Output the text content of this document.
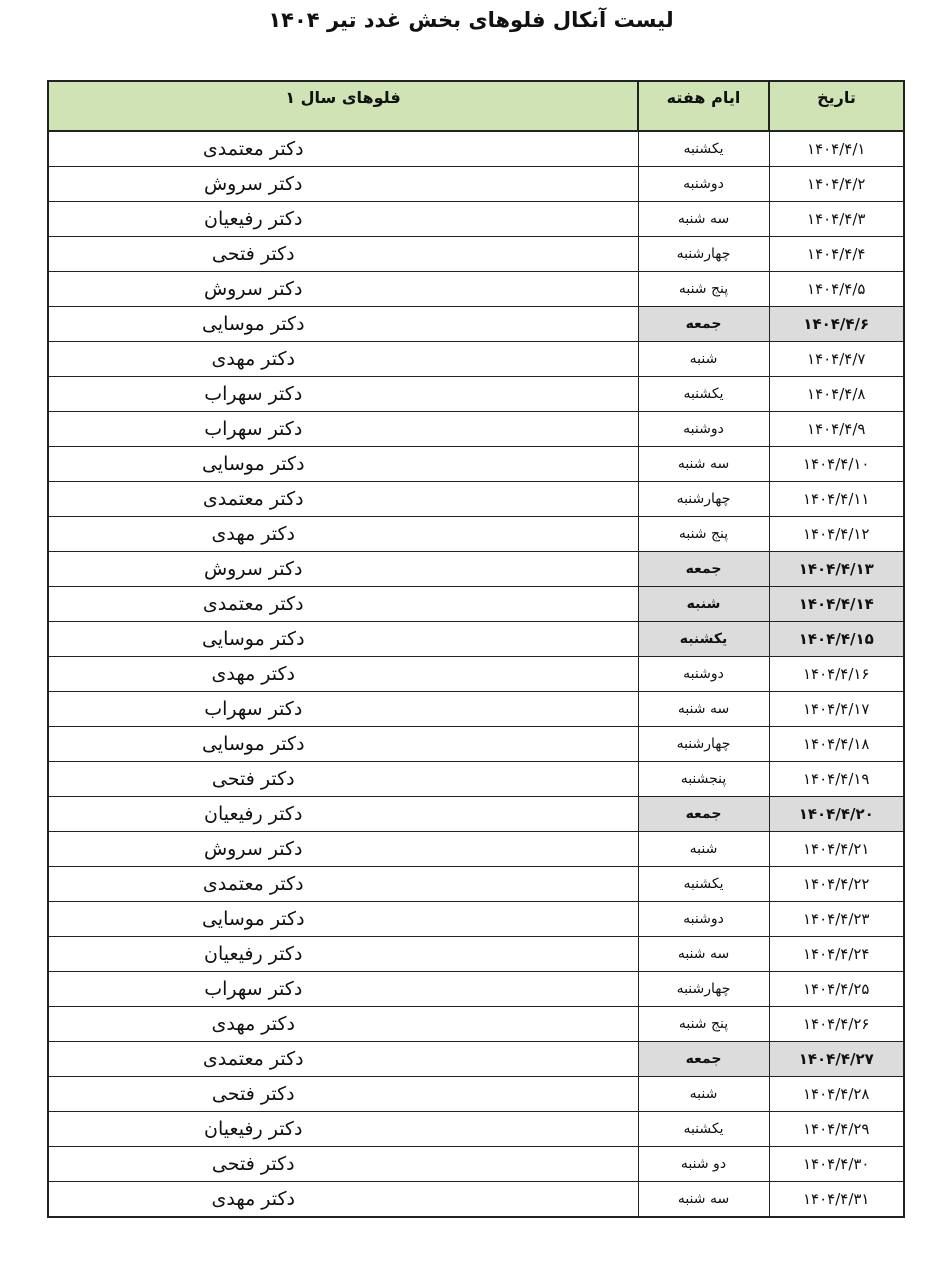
لیست آنکال فلوهای بخش غدد تیر ۱۴۰۴
تاریخ	ایام هفته	فلوهای سال ۱
۱۴۰۴/۴/۱	یکشنبه	دکتر معتمدی
۱۴۰۴/۴/۲	دوشنبه	دکتر سروش
۱۴۰۴/۴/۳	سه شنبه	دکتر رفیعیان
۱۴۰۴/۴/۴	چهارشنبه	دکتر فتحی
۱۴۰۴/۴/۵	پنج شنبه	دکتر سروش
۱۴۰۴/۴/۶	جمعه	دکتر موسایی
۱۴۰۴/۴/۷	شنبه	دکتر مهدی
۱۴۰۴/۴/۸	یکشنبه	دکتر سهراب
۱۴۰۴/۴/۹	دوشنبه	دکتر سهراب
۱۴۰۴/۴/۱۰	سه شنبه	دکتر موسایی
۱۴۰۴/۴/۱۱	چهارشنبه	دکتر معتمدی
۱۴۰۴/۴/۱۲	پنج شنبه	دکتر مهدی
۱۴۰۴/۴/۱۳	جمعه	دکتر سروش
۱۴۰۴/۴/۱۴	شنبه	دکتر معتمدی
۱۴۰۴/۴/۱۵	یکشنبه	دکتر موسایی
۱۴۰۴/۴/۱۶	دوشنبه	دکتر مهدی
۱۴۰۴/۴/۱۷	سه شنبه	دکتر سهراب
۱۴۰۴/۴/۱۸	چهارشنبه	دکتر موسایی
۱۴۰۴/۴/۱۹	پنجشنبه	دکتر فتحی
۱۴۰۴/۴/۲۰	جمعه	دکتر رفیعیان
۱۴۰۴/۴/۲۱	شنبه	دکتر سروش
۱۴۰۴/۴/۲۲	یکشنبه	دکتر معتمدی
۱۴۰۴/۴/۲۳	دوشنبه	دکتر موسایی
۱۴۰۴/۴/۲۴	سه شنبه	دکتر رفیعیان
۱۴۰۴/۴/۲۵	چهارشنبه	دکتر سهراب
۱۴۰۴/۴/۲۶	پنج شنبه	دکتر مهدی
۱۴۰۴/۴/۲۷	جمعه	دکتر معتمدی
۱۴۰۴/۴/۲۸	شنبه	دکتر فتحی
۱۴۰۴/۴/۲۹	یکشنبه	دکتر رفیعیان
۱۴۰۴/۴/۳۰	دو شنبه	دکتر فتحی
۱۴۰۴/۴/۳۱	سه شنبه	دکتر مهدی
